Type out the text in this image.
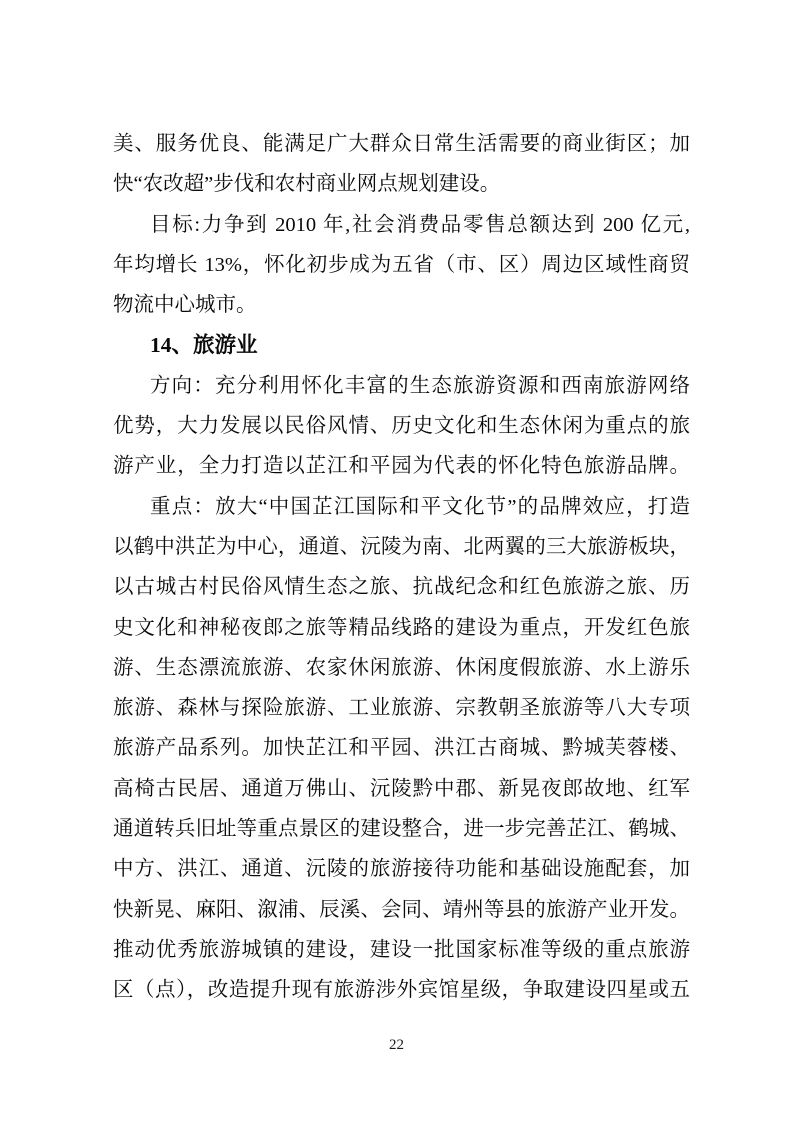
美、服务优良、能满足广大群众日常生活需要的商业街区；加
快“农改超”步伐和农村商业网点规划建设。
目标:力争到 2010 年,社会消费品零售总额达到 200 亿元,
年均增长 13%，怀化初步成为五省（市、区）周边区域性商贸
物流中心城市。
14、旅游业
方向：充分利用怀化丰富的生态旅游资源和西南旅游网络
优势，大力发展以民俗风情、历史文化和生态休闲为重点的旅
游产业，全力打造以芷江和平园为代表的怀化特色旅游品牌。
重点：放大“中国芷江国际和平文化节”的品牌效应，打造
以鹤中洪芷为中心，通道、沅陵为南、北两翼的三大旅游板块，
以古城古村民俗风情生态之旅、抗战纪念和红色旅游之旅、历
史文化和神秘夜郎之旅等精品线路的建设为重点，开发红色旅
游、生态漂流旅游、农家休闲旅游、休闲度假旅游、水上游乐
旅游、森林与探险旅游、工业旅游、宗教朝圣旅游等八大专项
旅游产品系列。加快芷江和平园、洪江古商城、黔城芙蓉楼、
高椅古民居、通道万佛山、沅陵黔中郡、新晃夜郎故地、红军
通道转兵旧址等重点景区的建设整合，进一步完善芷江、鹤城、
中方、洪江、通道、沅陵的旅游接待功能和基础设施配套，加
快新晃、麻阳、溆浦、辰溪、会同、靖州等县的旅游产业开发。
推动优秀旅游城镇的建设，建设一批国家标准等级的重点旅游
区（点），改造提升现有旅游涉外宾馆星级，争取建设四星或五
22
